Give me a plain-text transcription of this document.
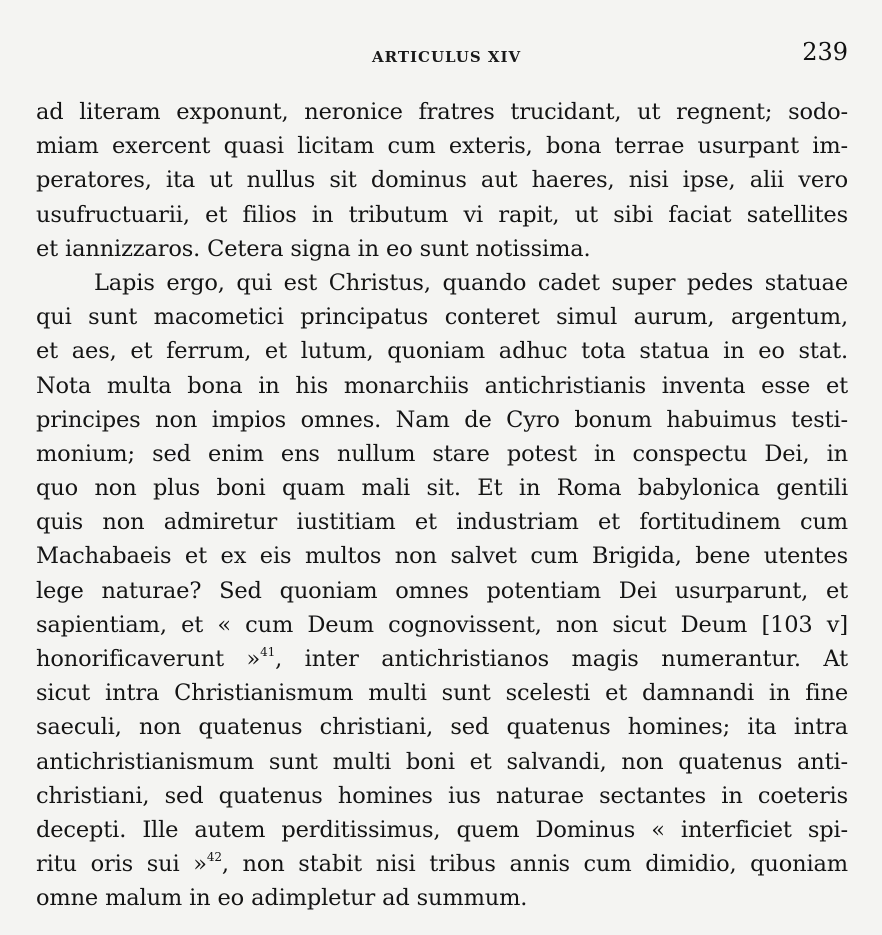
ARTICULUS XIV	239
ad literam exponunt, neronice fratres trucidant, ut regnent; sodo-
miam exercent quasi licitam cum exteris, bona terrae usurpant im-
peratores, ita ut nullus sit dominus aut haeres, nisi ipse, alii vero
usufructuarii, et filios in tributum vi rapit, ut sibi faciat satellites
et iannizzaros. Cetera signa in eo sunt notissima.
Lapis ergo, qui est Christus, quando cadet super pedes statuae
qui sunt macometici principatus conteret simul aurum, argentum,
et aes, et ferrum, et lutum, quoniam adhuc tota statua in eo stat.
Nota multa bona in his monarchiis antichristianis inventa esse et
principes non impios omnes. Nam de Cyro bonum habuimus testi-
monium; sed enim ens nullum stare potest in conspectu Dei, in
quo non plus boni quam mali sit. Et in Roma babylonica gentili
quis non admiretur iustitiam et industriam et fortitudinem cum
Machabaeis et ex eis multos non salvet cum Brigida, bene utentes
lege naturae? Sed quoniam omnes potentiam Dei usurparunt, et
sapientiam, et « cum Deum cognovissent, non sicut Deum [103 v]
honorificaverunt »$^{41}$, inter antichristianos magis numerantur. At
sicut intra Christianismum multi sunt scelesti et damnandi in fine
saeculi, non quatenus christiani, sed quatenus homines; ita intra
antichristianismum sunt multi boni et salvandi, non quatenus anti-
christiani, sed quatenus homines ius naturae sectantes in coeteris
decepti. Ille autem perditissimus, quem Dominus « interficiet spi-
ritu oris sui »$^{42}$, non stabit nisi tribus annis cum dimidio, quoniam
omne malum in eo adimpletur ad summum.
